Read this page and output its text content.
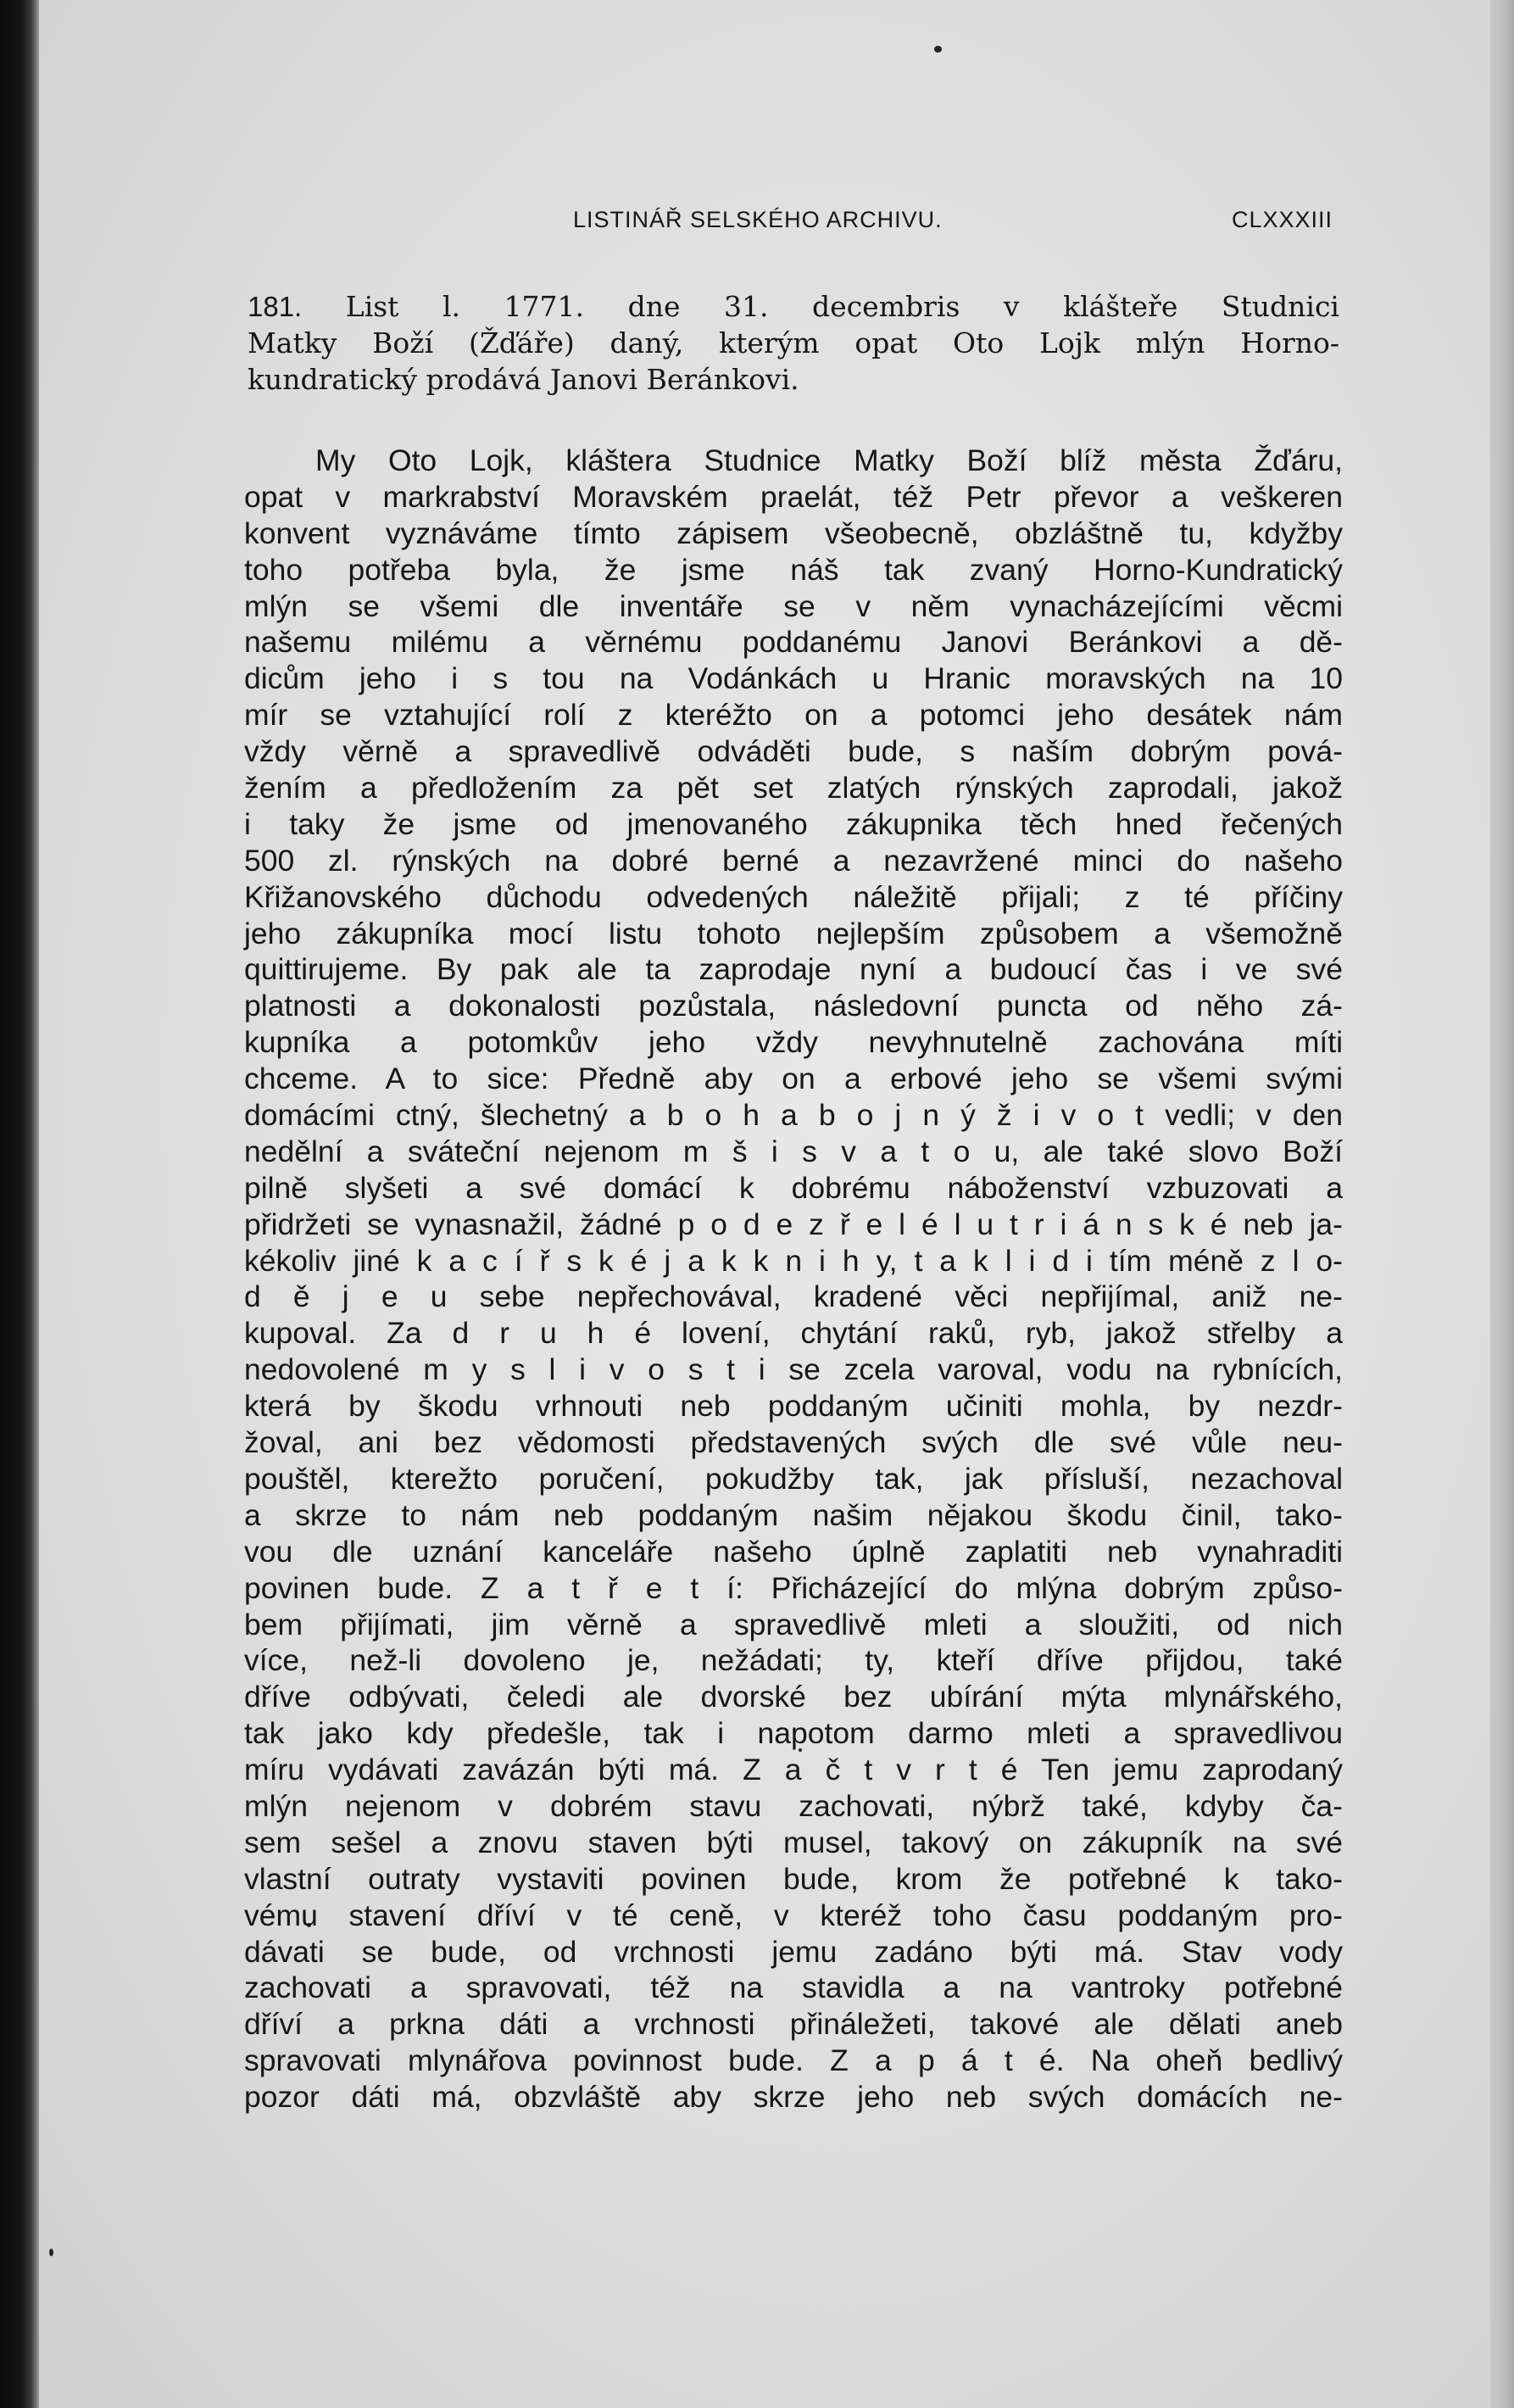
LISTINÁŘ SELSKÉHO ARCHIVU.	CLXXXIII
181. List l. 1771. dne 31. decembris v klášteře Studnici
Matky Boží (Žďáře) daný, kterým opat Oto Lojk mlýn Horno-
kundratický prodává Janovi Beránkovi.
My Oto Lojk, kláštera Studnice Matky Boží blíž města Žďáru,
opat v markrabství Moravském praelát, též Petr převor a veškeren
konvent vyznáváme tímto zápisem všeobecně, obzláštně tu, kdyžby
toho potřeba byla, že jsme náš tak zvaný Horno-Kundratický
mlýn se všemi dle inventáře se v něm vynacházejícími věcmi
našemu milému a věrnému poddanému Janovi Beránkovi a dě-
dicům jeho i s tou na Vodánkách u Hranic moravských na 10
mír se vztahující rolí z kteréžto on a potomci jeho desátek nám
vždy věrně a spravedlivě odváděti bude, s naším dobrým pová-
žením a předložením za pět set zlatých rýnských zaprodali, jakož
i taky že jsme od jmenovaného zákupnika těch hned řečených
500 zl. rýnských na dobré berné a nezavržené minci do našeho
Křižanovského důchodu odvedených náležitě přijali; z té příčiny
jeho zákupníka mocí listu tohoto nejlepším způsobem a všemožně
quittirujeme. By pak ale ta zaprodaje nyní a budoucí čas i ve své
platnosti a dokonalosti pozůstala, následovní puncta od něho zá-
kupníka a potomkův jeho vždy nevyhnutelně zachována míti
chceme. A to sice: Předně aby on a erbové jeho se všemi svými
domácími ctný, šlechetný a b o h a b o j n ý ž i v o t vedli; v den
nedělní a sváteční nejenom m š i s v a t o u, ale také slovo Boží
pilně slyšeti a své domácí k dobrému náboženství vzbuzovati a
přidržeti se vynasnažil, žádné p o d e z ř e l é l u t r i á n s k é neb ja-
kékoliv jiné k a c í ř s k é j a k k n i h y, t a k l i d i tím méně z l o-
d ě j e u sebe nepřechovával, kradené věci nepřijímal, aniž ne-
kupoval. Za d r u h é lovení, chytání raků, ryb, jakož střelby a
nedovolené m y s l i v o s t i se zcela varoval, vodu na rybnících,
která by škodu vrhnouti neb poddaným učiniti mohla, by nezdr-
žoval, ani bez vědomosti představených svých dle své vůle neu-
pouštěl, kterežto poručení, pokudžby tak, jak přísluší, nezachoval
a skrze to nám neb poddaným našim nějakou škodu činil, tako-
vou dle uznání kanceláře našeho úplně zaplatiti neb vynahraditi
povinen bude. Z a t ř e t í: Přicházející do mlýna dobrým způso-
bem přijímati, jim věrně a spravedlivě mleti a sloužiti, od nich
více, než-li dovoleno je, nežádati; ty, kteří dříve přijdou, také
dříve odbývati, čeledi ale dvorské bez ubírání mýta mlynářského,
tak jako kdy předešle, tak i napotom darmo mleti a spravedlivou
míru vydávati zavázán býti má. Z a č t v r t é Ten jemu zaprodaný
mlýn nejenom v dobrém stavu zachovati, nýbrž také, kdyby ča-
sem sešel a znovu staven býti musel, takový on zákupník na své
vlastní outraty vystaviti povinen bude, krom že potřebné k tako-
vému stavení dříví v té ceně, v kteréž toho času poddaným pro-
dávati se bude, od vrchnosti jemu zadáno býti má. Stav vody
zachovati a spravovati, též na stavidla a na vantroky potřebné
dříví a prkna dáti a vrchnosti přináležeti, takové ale dělati aneb
spravovati mlynářova povinnost bude. Z a p á t é. Na oheň bedlivý
pozor dáti má, obzvláště aby skrze jeho neb svých domácích ne-
